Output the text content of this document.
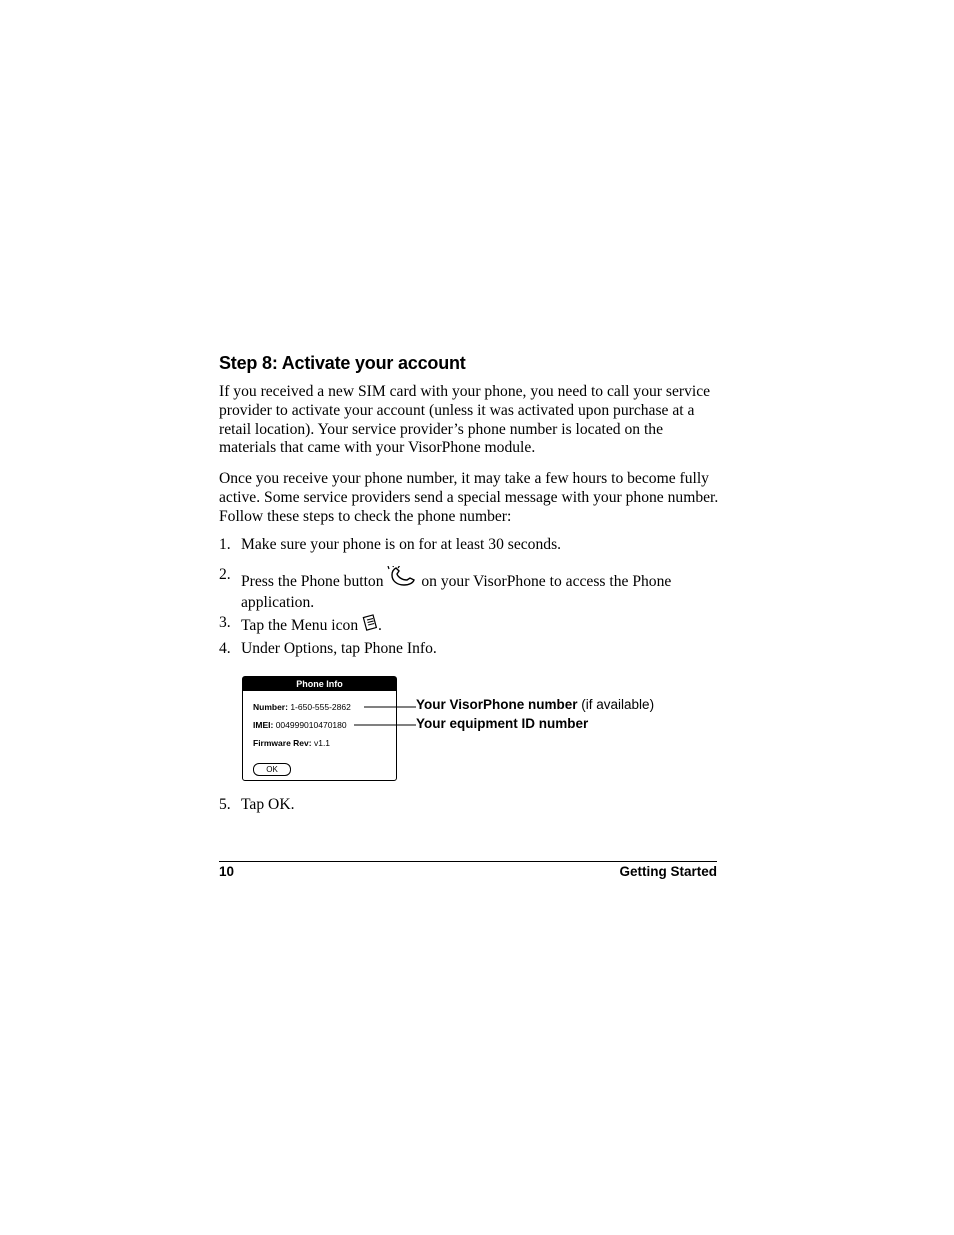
Step 8: Activate your account

If you received a new SIM card with your phone, you need to call your service provider to activate your account (unless it was activated upon purchase at a retail location). Your service provider’s phone number is located on the materials that came with your VisorPhone module.

Once you receive your phone number, it may take a few hours to become fully active. Some service providers send a special message with your phone number. Follow these steps to check the phone number:

1. Make sure your phone is on for at least 30 seconds.
2. Press the Phone button on your VisorPhone to access the Phone application.
3. Tap the Menu icon .
4. Under Options, tap Phone Info.
Phone Info
Number: 1-650-555-2862
IMEI: 004999010470180
Firmware Rev: v1.1
OK
Your VisorPhone number (if available)
Your equipment ID number
5. Tap OK.
10	Getting Started
